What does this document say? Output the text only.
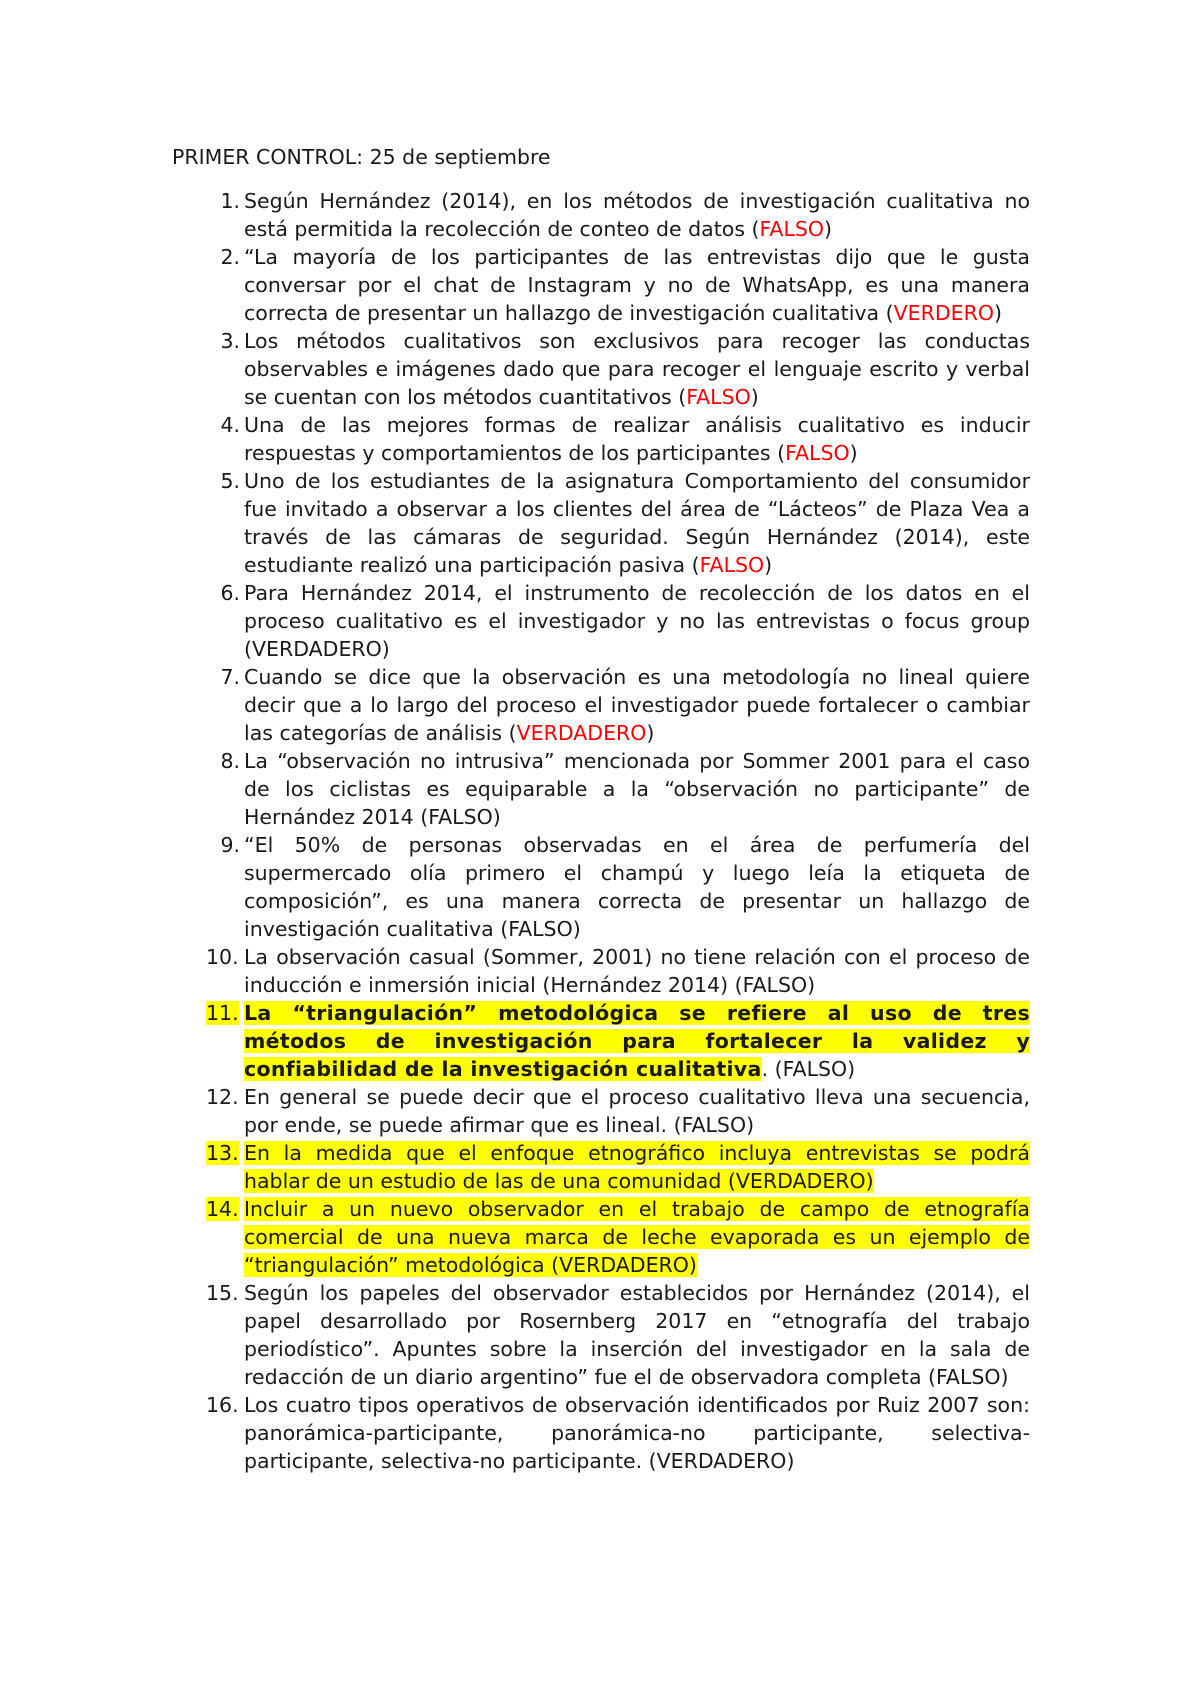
PRIMER CONTROL: 25 de septiembre
1. Según Hernández (2014), en los métodos de investigación cualitativa no está permitida la recolección de conteo de datos (FALSO)
2. “La mayoría de los participantes de las entrevistas dijo que le gusta conversar por el chat de Instagram y no de WhatsApp, es una manera correcta de presentar un hallazgo de investigación cualitativa (VERDERO)
3. Los métodos cualitativos son exclusivos para recoger las conductas observables e imágenes dado que para recoger el lenguaje escrito y verbal se cuentan con los métodos cuantitativos (FALSO)
4. Una de las mejores formas de realizar análisis cualitativo es inducir respuestas y comportamientos de los participantes (FALSO)
5. Uno de los estudiantes de la asignatura Comportamiento del consumidor fue invitado a observar a los clientes del área de “Lácteos” de Plaza Vea a través de las cámaras de seguridad. Según Hernández (2014), este estudiante realizó una participación pasiva (FALSO)
6. Para Hernández 2014, el instrumento de recolección de los datos en el proceso cualitativo es el investigador y no las entrevistas o focus group (VERDADERO)
7. Cuando se dice que la observación es una metodología no lineal quiere decir que a lo largo del proceso el investigador puede fortalecer o cambiar las categorías de análisis (VERDADERO)
8. La “observación no intrusiva” mencionada por Sommer 2001 para el caso de los ciclistas es equiparable a la “observación no participante” de Hernández 2014 (FALSO)
9. “El 50% de personas observadas en el área de perfumería del supermercado olía primero el champú y luego leía la etiqueta de composición”, es una manera correcta de presentar un hallazgo de investigación cualitativa (FALSO)
10. La observación casual (Sommer, 2001) no tiene relación con el proceso de inducción e inmersión inicial (Hernández 2014) (FALSO)
11. La “triangulación” metodológica se refiere al uso de tres métodos de investigación para fortalecer la validez y confiabilidad de la investigación cualitativa. (FALSO)
12. En general se puede decir que el proceso cualitativo lleva una secuencia, por ende, se puede afirmar que es lineal. (FALSO)
13. En la medida que el enfoque etnográfico incluya entrevistas se podrá hablar de un estudio de las de una comunidad (VERDADERO)
14. Incluir a un nuevo observador en el trabajo de campo de etnografía comercial de una nueva marca de leche evaporada es un ejemplo de “triangulación” metodológica (VERDADERO)
15. Según los papeles del observador establecidos por Hernández (2014), el papel desarrollado por Rosernberg 2017 en “etnografía del trabajo periodístico”. Apuntes sobre la inserción del investigador en la sala de redacción de un diario argentino” fue el de observadora completa (FALSO)
16. Los cuatro tipos operativos de observación identificados por Ruiz 2007 son: panorámica-participante, panorámica-no participante, selectiva-participante, selectiva-no participante. (VERDADERO)
